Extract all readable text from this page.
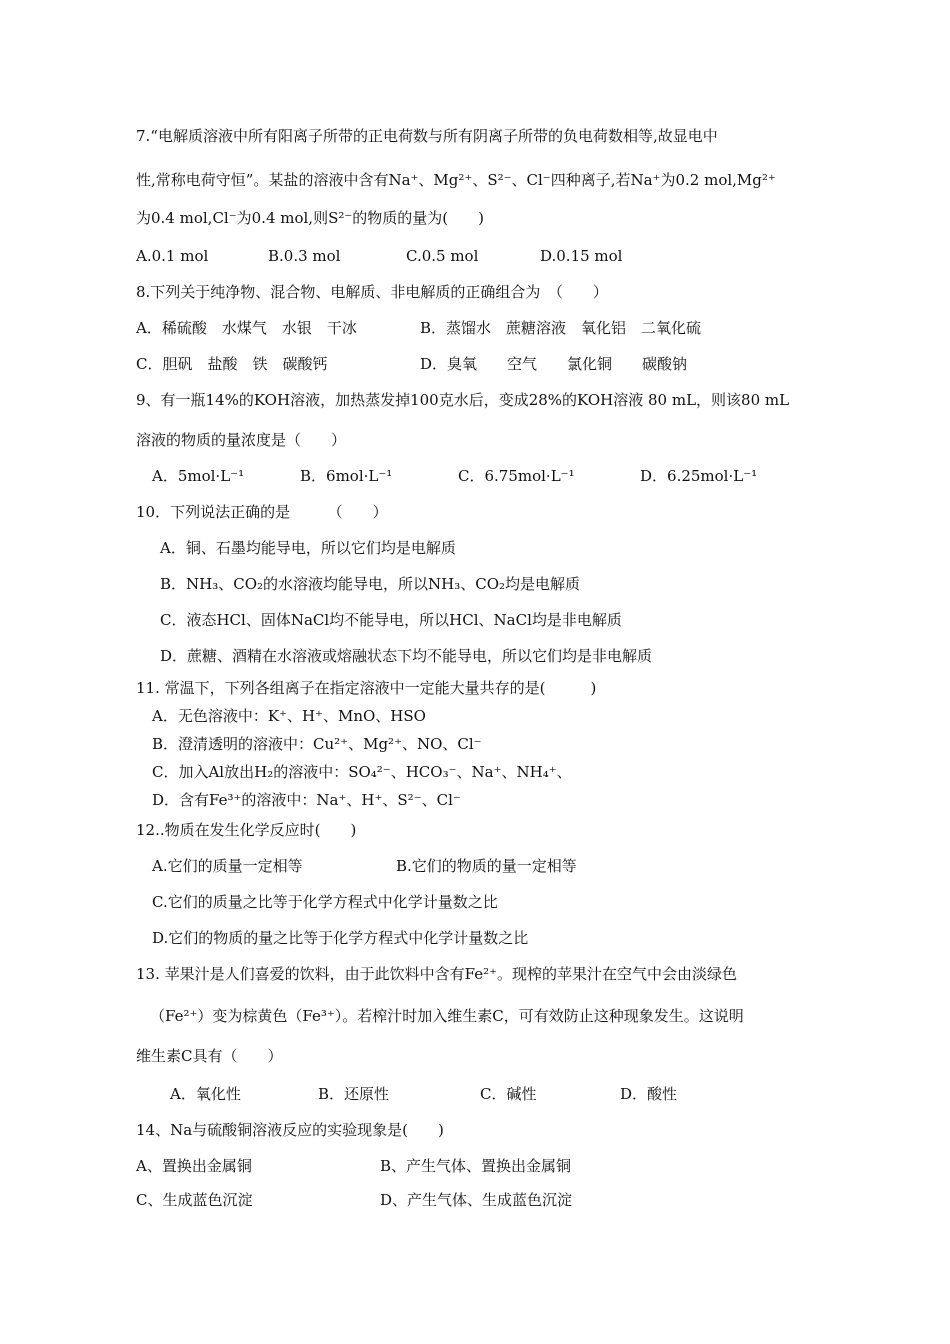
7.“电解质溶液中所有阳离子所带的正电荷数与所有阴离子所带的负电荷数相等,故显电中
性,常称电荷守恒”。某盐的溶液中含有Na⁺、Mg²⁺、S²⁻、Cl⁻四种离子,若Na⁺为0.2 mol,Mg²⁺
为0.4 mol,Cl⁻为0.4 mol,则S²⁻的物质的量为(　　)
A.0.1 mol	B.0.3 mol	C.0.5 mol	D.0.15 mol
8.下列关于纯净物、混合物、电解质、非电解质的正确组合为　（　　）
A．稀硫酸　水煤气　水银　干冰	B．蒸馏水　蔗糖溶液　氧化铝　二氧化硫
C．胆矾　盐酸　铁　碳酸钙	D．臭氧　　空气　　氯化铜　　碳酸钠
9、有一瓶14%的KOH溶液，加热蒸发掉100克水后，变成28%的KOH溶液 80 mL，则该80 mL
溶液的物质的量浓度是（　　）
A．5mol·L⁻¹	B．6mol·L⁻¹	C．6.75mol·L⁻¹	D．6.25mol·L⁻¹
10．下列说法正确的是　　　（　　）
A．铜、石墨均能导电，所以它们均是电解质
B．NH₃、CO₂的水溶液均能导电，所以NH₃、CO₂均是电解质
C．液态HCl、固体NaCl均不能导电，所以HCl、NaCl均是非电解质
D．蔗糖、酒精在水溶液或熔融状态下均不能导电，所以它们均是非电解质
11. 常温下，下列各组离子在指定溶液中一定能大量共存的是(　　　)
A．无色溶液中：K⁺、H⁺、MnO、HSO
B．澄清透明的溶液中：Cu²⁺、Mg²⁺、NO、Cl⁻
C．加入Al放出H₂的溶液中：SO₄²⁻、HCO₃⁻、Na⁺、NH₄⁺、
D．含有Fe³⁺的溶液中：Na⁺、H⁺、S²⁻、Cl⁻
12..物质在发生化学反应时(　　)
A.它们的质量一定相等	B.它们的物质的量一定相等
C.它们的质量之比等于化学方程式中化学计量数之比
D.它们的物质的量之比等于化学方程式中化学计量数之比
13. 苹果汁是人们喜爱的饮料，由于此饮料中含有Fe²⁺。现榨的苹果汁在空气中会由淡绿色
（Fe²⁺）变为棕黄色（Fe³⁺）。若榨汁时加入维生素C，可有效防止这种现象发生。这说明
维生素C具有（　　）
A．氧化性	B．还原性	C．碱性	D．酸性
14、Na与硫酸铜溶液反应的实验现象是(　　)
A、置换出金属铜	B、产生气体、置换出金属铜
C、生成蓝色沉淀	D、产生气体、生成蓝色沉淀
